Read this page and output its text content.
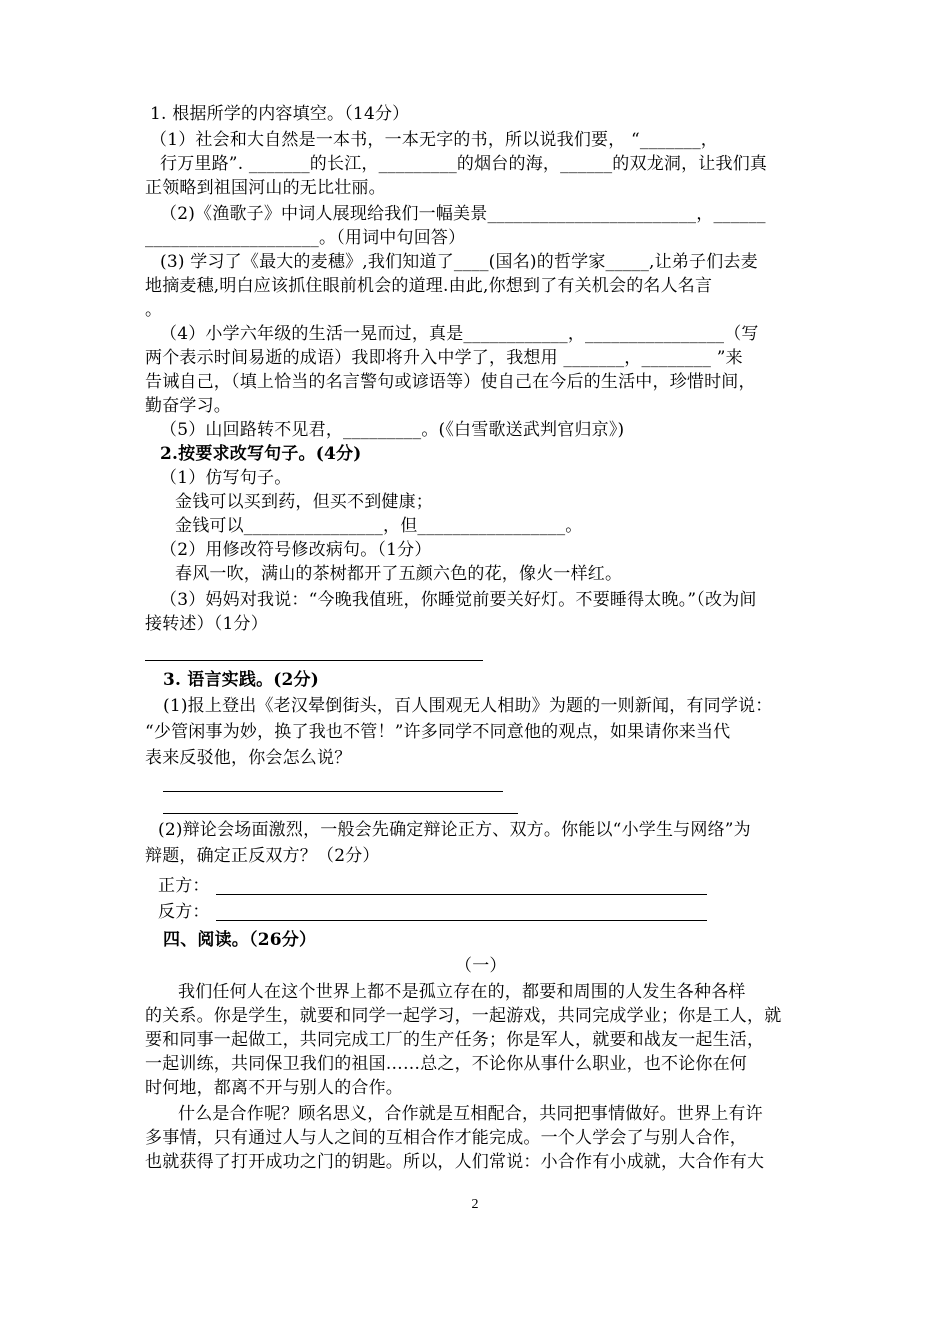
1. 根据所学的内容填空。（14分）
（1）社会和大自然是一本书，一本无字的书，所以说我们要， “_______，
行万里路”. _______的长江，_________的烟台的海，______的双龙洞，让我们真
正领略到祖国河山的无比壮丽。
（2)《渔歌子》中词人展现给我们一幅美景________________________，______
____________________。（用词中句回答）
(3) 学习了《最大的麦穗》,我们知道了____(国名)的哲学家_____,让弟子们去麦
地摘麦穗,明白应该抓住眼前机会的道理.由此,你想到了有关机会的名人名言
。
（4）小学六年级的生活一晃而过，真是____________，________________（写
两个表示时间易逝的成语）我即将升入中学了，我想用 _______，________ ”来
告诫自己，（填上恰当的名言警句或谚语等）使自己在今后的生活中，珍惜时间，
勤奋学习。
（5）山回路转不见君，_________。(《白雪歌送武判官归京》)
2.按要求改写句子。(4分)
（1）仿写句子。
金钱可以买到药，但买不到健康；
金钱可以________________，但_________________。
（2）用修改符号修改病句。（1分）
春风一吹，满山的茶树都开了五颜六色的花，像火一样红。
（3）妈妈对我说：“今晚我值班，你睡觉前要关好灯。不要睡得太晚。”（改为间
接转述）（1分）
3. 语言实践。(2分)
(1)报上登出《老汉晕倒街头，百人围观无人相助》为题的一则新闻，有同学说：
“少管闲事为妙，换了我也不管！”许多同学不同意他的观点，如果请你来当代
表来反驳他，你会怎么说？
(2)辩论会场面激烈，一般会先确定辩论正方、双方。你能以“小学生与网络”为
辩题，确定正反双方？（2分）
正方：
反方：
四、阅读。（26分）
（一）
我们任何人在这个世界上都不是孤立存在的，都要和周围的人发生各种各样
的关系。你是学生，就要和同学一起学习，一起游戏，共同完成学业；你是工人，就
要和同事一起做工，共同完成工厂的生产任务；你是军人，就要和战友一起生活，
一起训练，共同保卫我们的祖国……总之，不论你从事什么职业，也不论你在何
时何地，都离不开与别人的合作。
什么是合作呢？顾名思义，合作就是互相配合，共同把事情做好。世界上有许
多事情，只有通过人与人之间的互相合作才能完成。一个人学会了与别人合作，
也就获得了打开成功之门的钥匙。所以，人们常说：小合作有小成就，大合作有大
2
